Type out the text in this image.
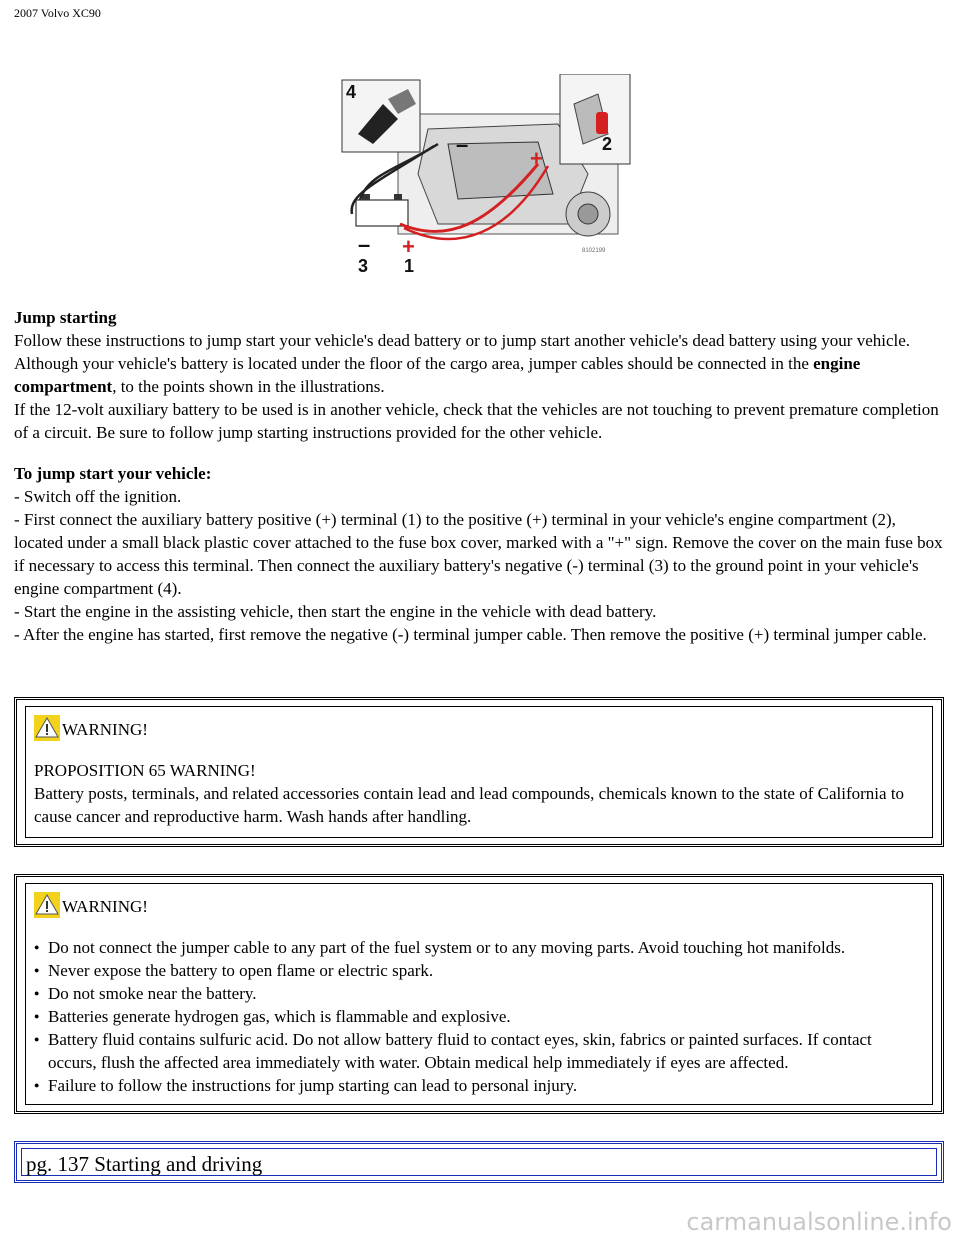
2007 Volvo XC90
–
+
4
2
3 1
– +	8102199

Jump starting

Follow these instructions to jump start your vehicle's dead battery or to jump start another vehicle's dead battery using your vehicle. Although your vehicle's battery is located under the floor of the cargo area, jumper cables should be connected in the engine compartment, to the points shown in the illustrations.

If the 12-volt auxiliary battery to be used is in another vehicle, check that the vehicles are not touching to prevent premature completion of a circuit. Be sure to follow jump starting instructions provided for the other vehicle.

To jump start your vehicle:

- Switch off the ignition.

- First connect the auxiliary battery positive (+) terminal (1) to the positive (+) terminal in your vehicle's engine compartment (2), located under a small black plastic cover attached to the fuse box cover, marked with a "+" sign. Remove the cover on the main fuse box if necessary to access this terminal. Then connect the auxiliary battery's negative (-) terminal (3) to the ground point in your vehicle's engine compartment (4).

- Start the engine in the assisting vehicle, then start the engine in the vehicle with dead battery.

- After the engine has started, first remove the negative (-) terminal jumper cable. Then remove the positive (+) terminal jumper cable.

WARNING!
PROPOSITION 65 WARNING!
Battery posts, terminals, and related accessories contain lead and lead compounds, chemicals known to the state of California to cause cancer and reproductive harm. Wash hands after handling.
WARNING!
● Do not connect the jumper cable to any part of the fuel system or to any moving parts. Avoid touching hot manifolds.
● Never expose the battery to open flame or electric spark.
● Do not smoke near the battery.
● Batteries generate hydrogen gas, which is flammable and explosive.
● Battery fluid contains sulfuric acid. Do not allow battery fluid to contact eyes, skin, fabrics or painted surfaces. If contact occurs, flush the affected area immediately with water. Obtain medical help immediately if eyes are affected.
● Failure to follow the instructions for jump starting can lead to personal injury.
pg. 137 Starting and driving
carmanualsonline.info
